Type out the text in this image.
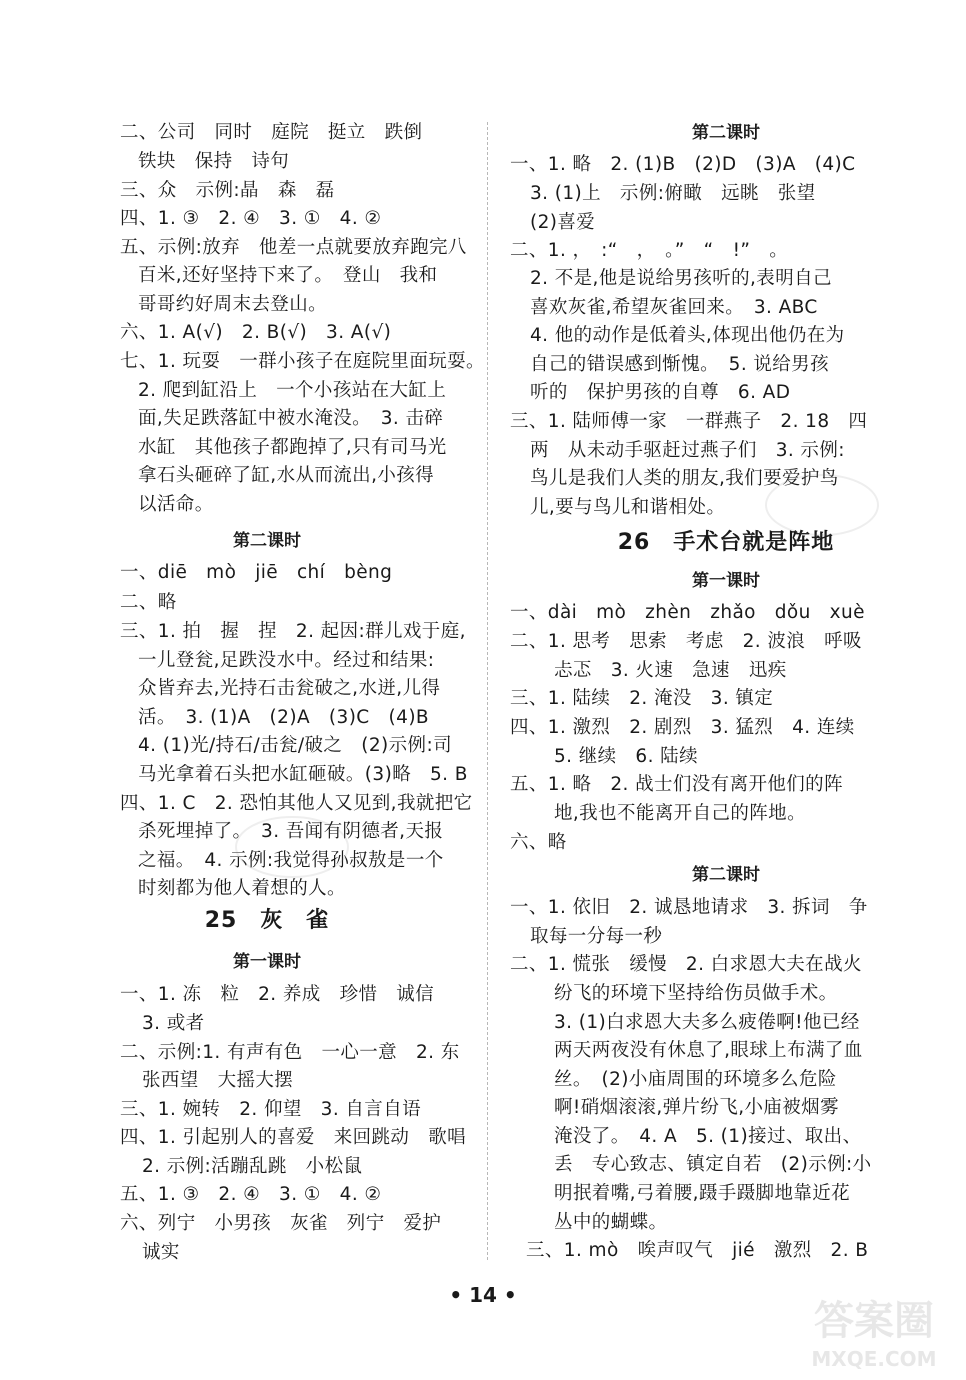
二、公司　同时　庭院　挺立　跌倒
铁块　保持　诗句
三、众　示例:晶　森　磊
四、1. ③　2. ④　3. ①　4. ②
五、示例:放弃　他差一点就要放弃跑完八
百米,还好坚持下来了。　登山　我和
哥哥约好周末去登山。
六、1. A(√)　2. B(√)　3. A(√)
七、1. 玩耍　一群小孩子在庭院里面玩耍。
2. 爬到缸沿上　一个小孩站在大缸上
面,失足跌落缸中被水淹没。　3. 击碎
水缸　其他孩子都跑掉了,只有司马光
拿石头砸碎了缸,水从而流出,小孩得
以活命。
第二课时
一、diē　mò　jiē　chí　bèng
二、略
三、1. 拍　握　捏　2. 起因:群儿戏于庭,
一儿登瓮,足跌没水中。经过和结果:
众皆弃去,光持石击瓮破之,水迸,儿得
活。　3. (1)A　(2)A　(3)C　(4)B
4. (1)光/持石/击瓮/破之　(2)示例:司
马光拿着石头把水缸砸破。(3)略　5. B
四、1. C　2. 恐怕其他人又见到,我就把它
杀死埋掉了。　3. 吾闻有阴德者,天报
之福。　4. 示例:我觉得孙叔敖是一个
时刻都为他人着想的人。
25　灰　雀
第一课时
一、1. 冻　粒　2. 养成　珍惜　诚信
3. 或者
二、示例:1. 有声有色　一心一意　2. 东
张西望　大摇大摆
三、1. 婉转　2. 仰望　3. 自言自语
四、1. 引起别人的喜爱　来回跳动　歌唱
2. 示例:活蹦乱跳　小松鼠
五、1. ③　2. ④　3. ①　4. ②
六、列宁　小男孩　灰雀　列宁　爱护
诚实
第二课时
一、1. 略　2. (1)B　(2)D　(3)A　(4)C
3. (1)上　示例:俯瞰　远眺　张望
(2)喜爱
二、1. ，　:“　，　。”　“　!”　。
2. 不是,他是说给男孩听的,表明自己
喜欢灰雀,希望灰雀回来。　3. ABC
4. 他的动作是低着头,体现出他仍在为
自己的错误感到惭愧。　5. 说给男孩
听的　保护男孩的自尊　6. AD
三、1. 陆师傅一家　一群燕子　2. 18　四
两　从未动手驱赶过燕子们　3. 示例:
鸟儿是我们人类的朋友,我们要爱护鸟
儿,要与鸟儿和谐相处。
26　手术台就是阵地
第一课时
一、dài　mò　zhèn　zhǎo　dǒu　xuè
二、1. 思考　思索　考虑　2. 波浪　呼吸
忐忑　3. 火速　急速　迅疾
三、1. 陆续　2. 淹没　3. 镇定
四、1. 激烈　2. 剧烈　3. 猛烈　4. 连续
5. 继续　6. 陆续
五、1. 略　2. 战士们没有离开他们的阵
地,我也不能离开自己的阵地。
六、略
第二课时
一、1. 依旧　2. 诚恳地请求　3. 拆词　争
取每一分每一秒
二、1. 慌张　缓慢　2. 白求恩大夫在战火
纷飞的环境下坚持给伤员做手术。
3. (1)白求恩大夫多么疲倦啊!他已经
两天两夜没有休息了,眼球上布满了血
丝。　(2)小庙周围的环境多么危险
啊!硝烟滚滚,弹片纷飞,小庙被烟雾
淹没了。　4. A　5. (1)接过、取出、
丢　专心致志、镇定自若　(2)示例:小
明抿着嘴,弓着腰,蹑手蹑脚地靠近花
丛中的蝴蝶。
三、1. mò　唉声叹气　jié　激烈　2. B
• 14 •
答案圈
MXQE.COM
